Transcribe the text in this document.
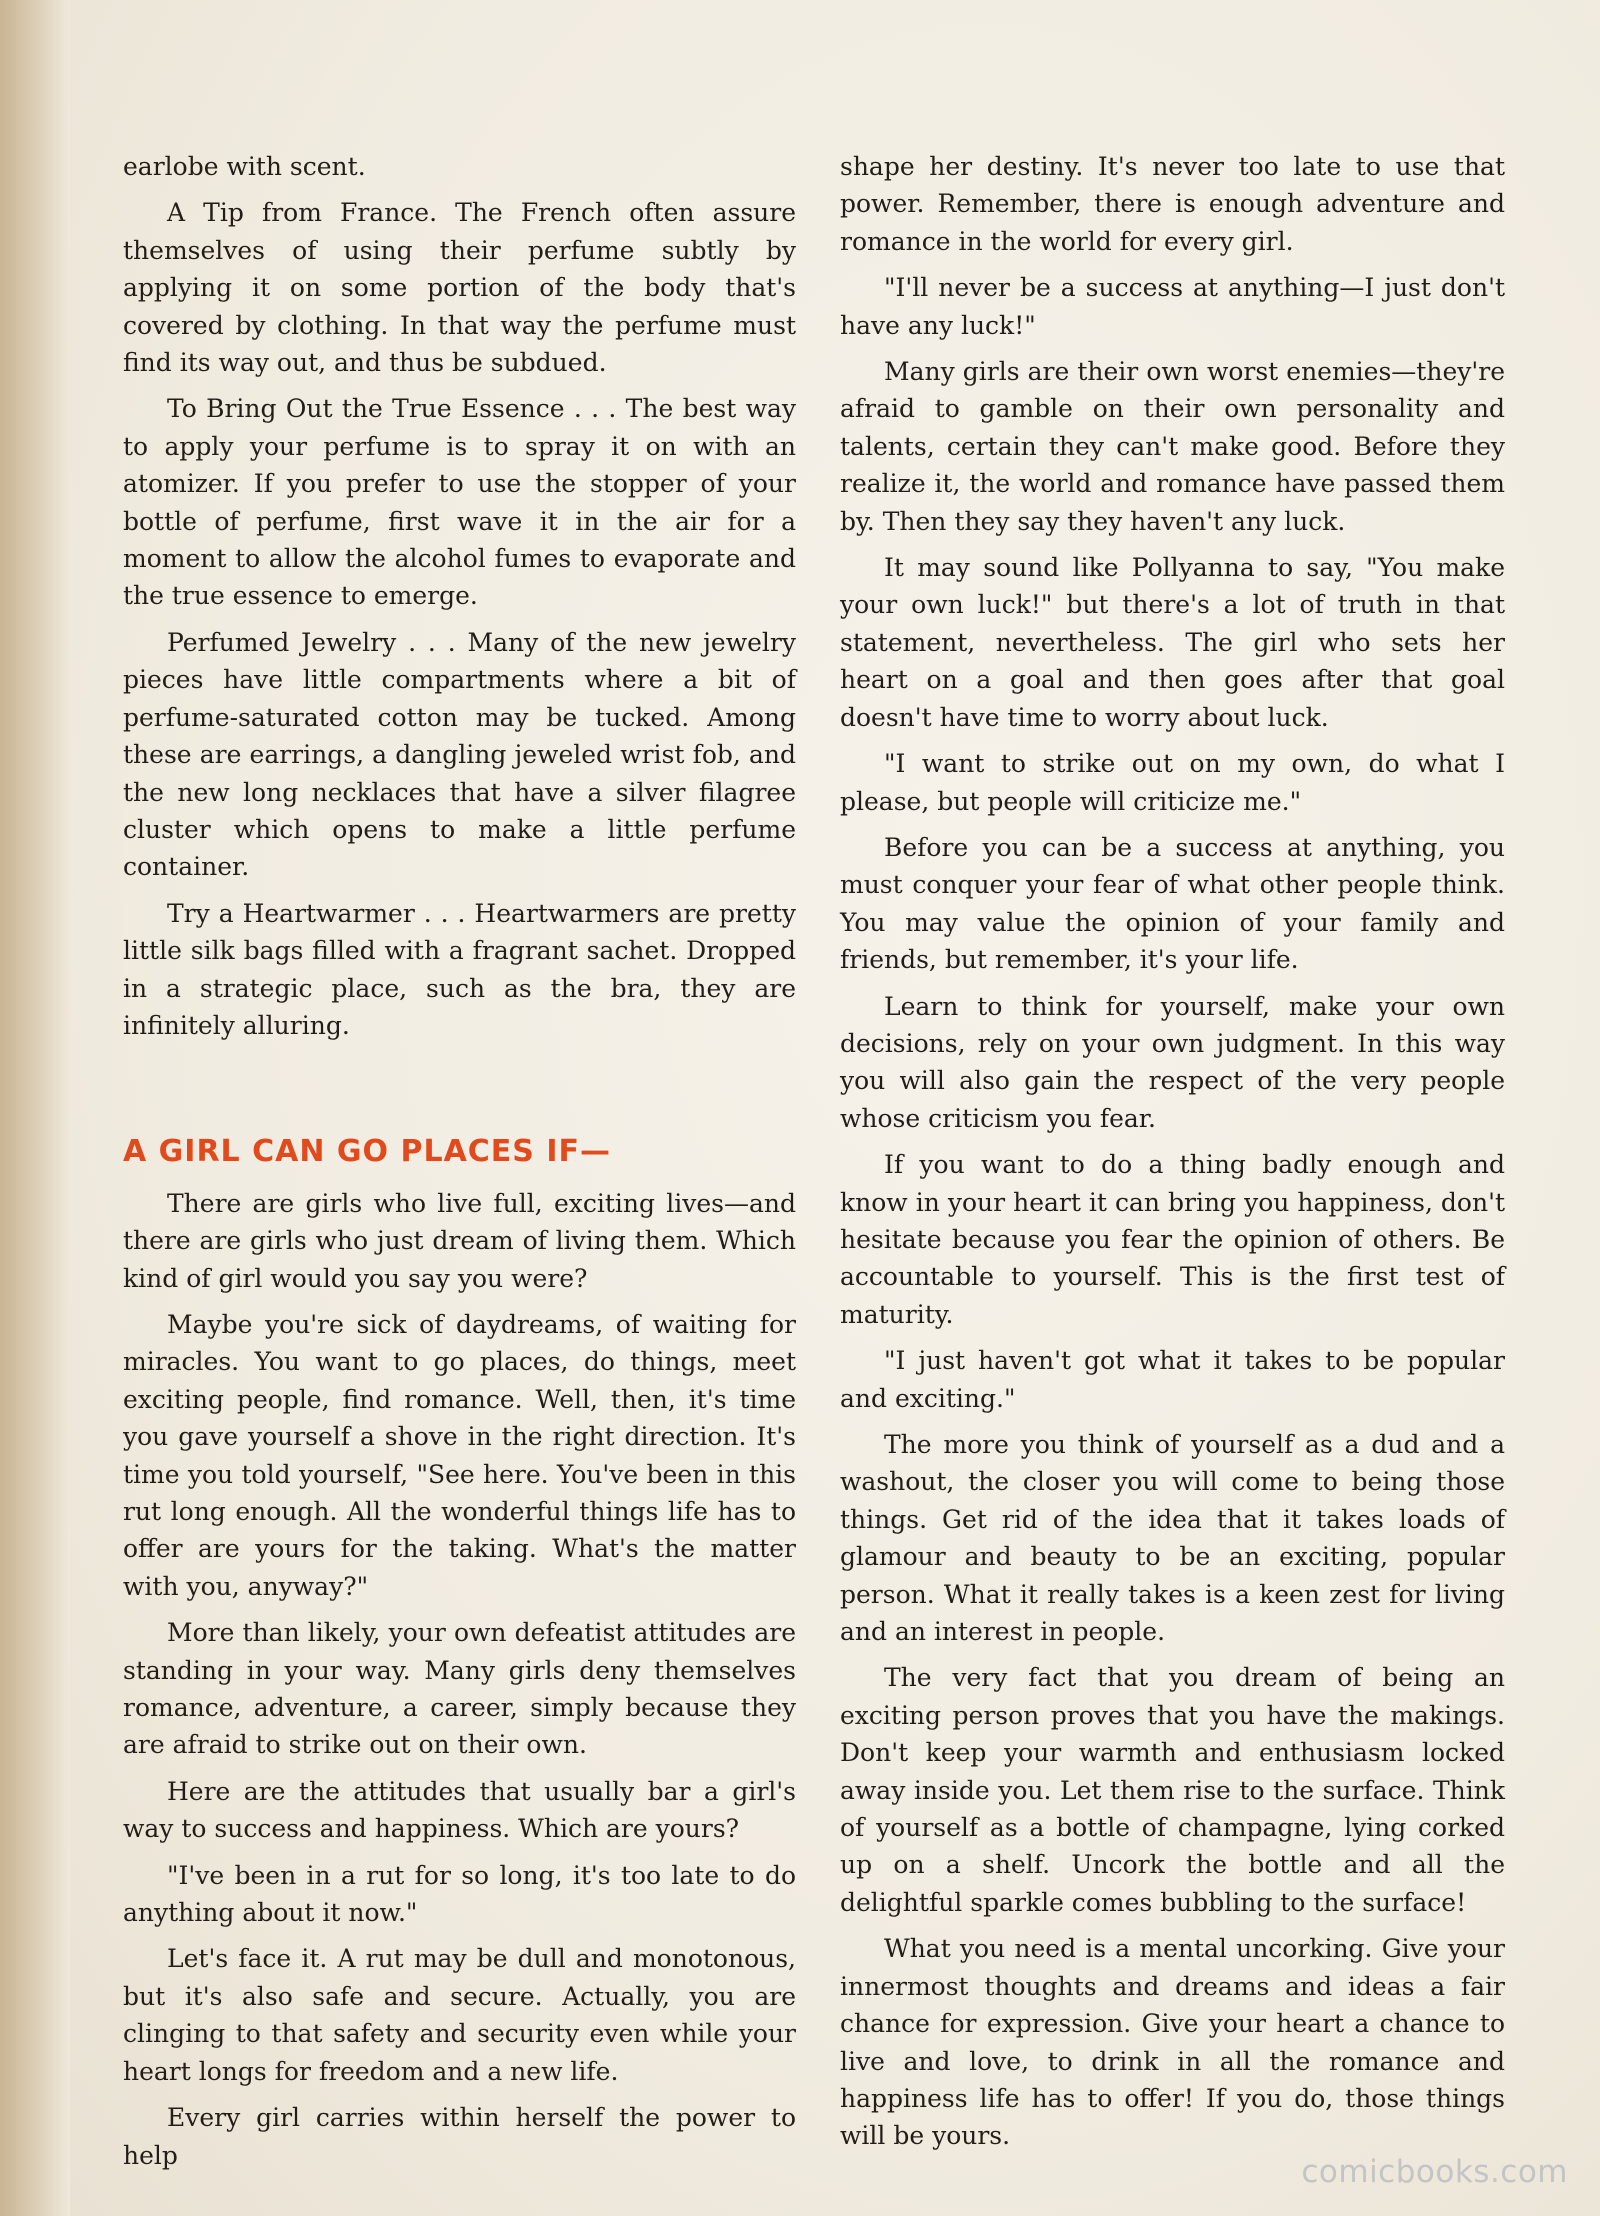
earlobe with scent.

A Tip from France. The French often assure themselves of using their perfume subtly by applying it on some portion of the body that's covered by clothing. In that way the perfume must find its way out, and thus be subdued.

To Bring Out the True Essence . . . The best way to apply your perfume is to spray it on with an atomizer. If you prefer to use the stopper of your bottle of perfume, first wave it in the air for a moment to allow the alcohol fumes to evaporate and the true essence to emerge.

Perfumed Jewelry . . . Many of the new jewelry pieces have little compartments where a bit of perfume-saturated cotton may be tucked. Among these are earrings, a dangling jeweled wrist fob, and the new long necklaces that have a silver filagree cluster which opens to make a little perfume container.

Try a Heartwarmer . . . Heartwarmers are pretty little silk bags filled with a fragrant sachet. Dropped in a strategic place, such as the bra, they are infinitely alluring.

A GIRL CAN GO PLACES IF—

There are girls who live full, exciting lives—and there are girls who just dream of living them. Which kind of girl would you say you were?

Maybe you're sick of daydreams, of waiting for miracles. You want to go places, do things, meet exciting people, find romance. Well, then, it's time you gave yourself a shove in the right direction. It's time you told yourself, "See here. You've been in this rut long enough. All the wonderful things life has to offer are yours for the taking. What's the matter with you, anyway?"

More than likely, your own defeatist attitudes are standing in your way. Many girls deny themselves romance, adventure, a career, simply because they are afraid to strike out on their own.

Here are the attitudes that usually bar a girl's way to success and happiness. Which are yours?

"I've been in a rut for so long, it's too late to do anything about it now."

Let's face it. A rut may be dull and monotonous, but it's also safe and secure. Actually, you are clinging to that safety and security even while your heart longs for freedom and a new life.

Every girl carries within herself the power to help

shape her destiny. It's never too late to use that power. Remember, there is enough adventure and romance in the world for every girl.

"I'll never be a success at anything—I just don't have any luck!"

Many girls are their own worst enemies—they're afraid to gamble on their own personality and talents, certain they can't make good. Before they realize it, the world and romance have passed them by. Then they say they haven't any luck.

It may sound like Pollyanna to say, "You make your own luck!" but there's a lot of truth in that statement, nevertheless. The girl who sets her heart on a goal and then goes after that goal doesn't have time to worry about luck.

"I want to strike out on my own, do what I please, but people will criticize me."

Before you can be a success at anything, you must conquer your fear of what other people think. You may value the opinion of your family and friends, but remember, it's your life.

Learn to think for yourself, make your own decisions, rely on your own judgment. In this way you will also gain the respect of the very people whose criticism you fear.

If you want to do a thing badly enough and know in your heart it can bring you happiness, don't hesitate because you fear the opinion of others. Be accountable to yourself. This is the first test of maturity.

"I just haven't got what it takes to be popular and exciting."

The more you think of yourself as a dud and a washout, the closer you will come to being those things. Get rid of the idea that it takes loads of glamour and beauty to be an exciting, popular person. What it really takes is a keen zest for living and an interest in people.

The very fact that you dream of being an exciting person proves that you have the makings. Don't keep your warmth and enthusiasm locked away inside you. Let them rise to the surface. Think of yourself as a bottle of champagne, lying corked up on a shelf. Uncork the bottle and all the delightful sparkle comes bubbling to the surface!

What you need is a mental uncorking. Give your innermost thoughts and dreams and ideas a fair chance for expression. Give your heart a chance to live and love, to drink in all the romance and happiness life has to offer! If you do, those things will be yours.

comicbooks.com
